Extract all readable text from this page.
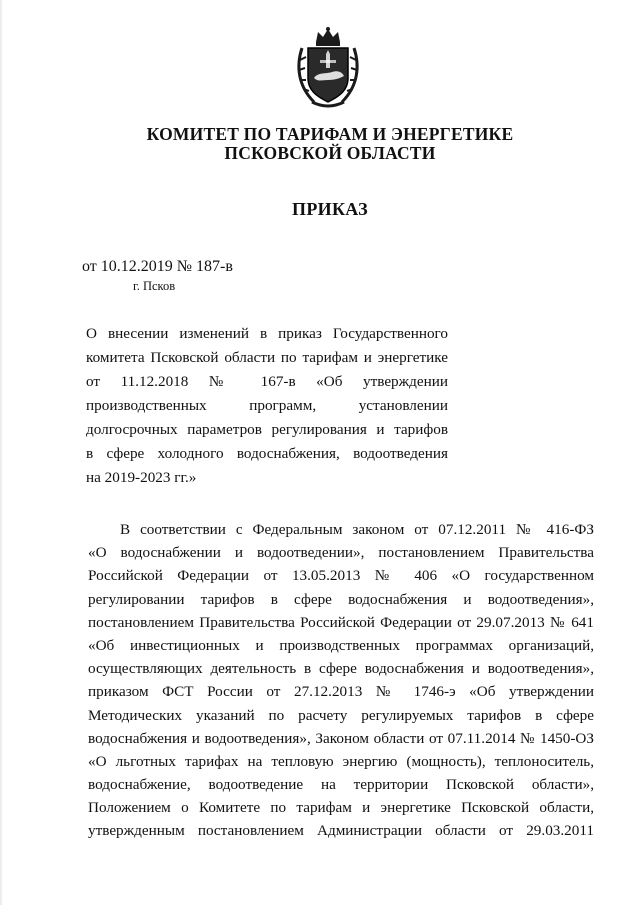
КОМИТЕТ ПО ТАРИФАМ И ЭНЕРГЕТИКЕ
ПСКОВСКОЙ ОБЛАСТИ
ПРИКАЗ
от 10.12.2019 № 187-в
г. Псков
О внесении изменений в приказ Государственного
комитета Псковской области по тарифам и энергетике
от 11.12.2018 № 167-в «Об утверждении
производственных программ, установлении
долгосрочных параметров регулирования и тарифов
в сфере холодного водоснабжения, водоотведения
на 2019-2023 гг.»
В соответствии с Федеральным законом от 07.12.2011 № 416-ФЗ
«О водоснабжении и водоотведении», постановлением Правительства
Российской Федерации от 13.05.2013 № 406 «О государственном
регулировании тарифов в сфере водоснабжения и водоотведения»,
постановлением Правительства Российской Федерации от 29.07.2013 № 641
«Об инвестиционных и производственных программах организаций,
осуществляющих деятельность в сфере водоснабжения и водоотведения»,
приказом ФСТ России от 27.12.2013 № 1746-э «Об утверждении
Методических указаний по расчету регулируемых тарифов в сфере
водоснабжения и водоотведения», Законом области от 07.11.2014 № 1450-ОЗ
«О льготных тарифах на тепловую энергию (мощность), теплоноситель,
водоснабжение, водоотведение на территории Псковской области»,
Положением о Комитете по тарифам и энергетике Псковской области,
утвержденным постановлением Администрации области от 29.03.2011
